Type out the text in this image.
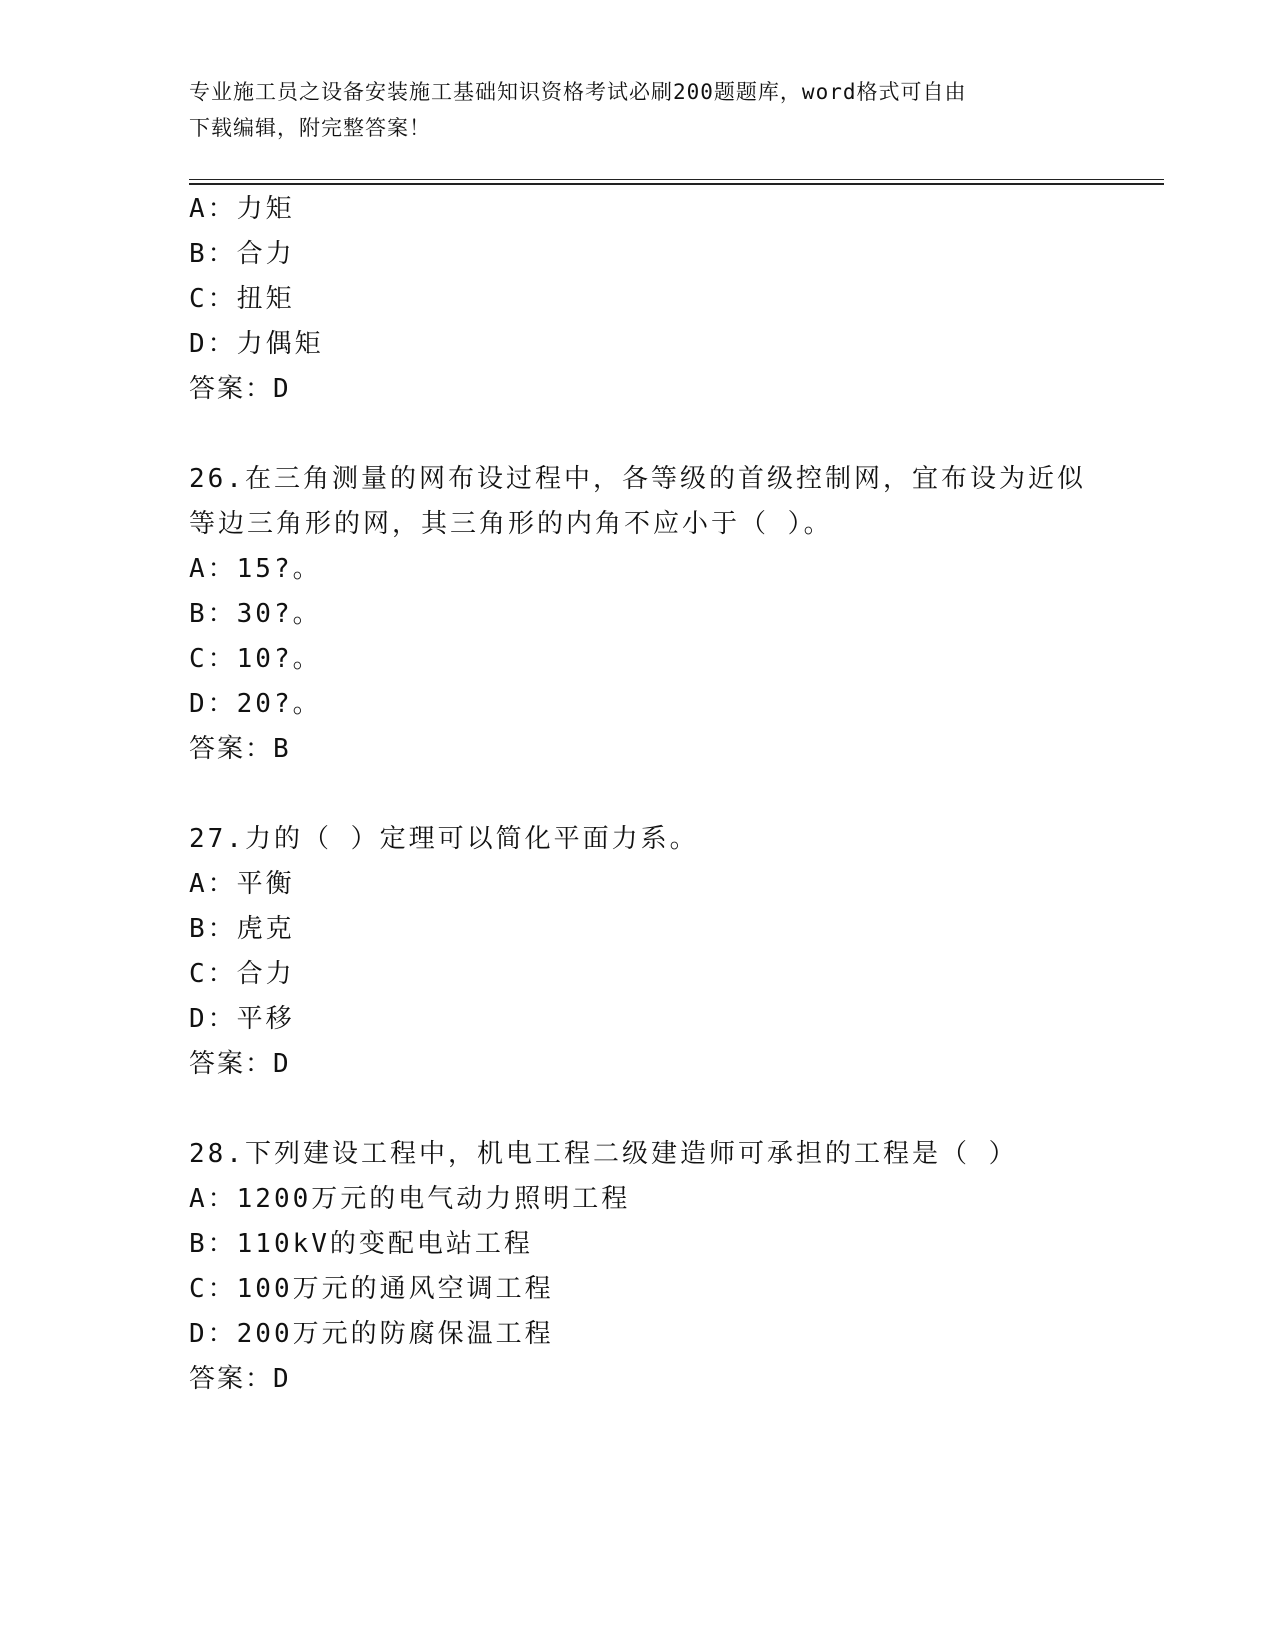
专业施工员之设备安装施工基础知识资格考试必刷200题题库，word格式可自由
下载编辑，附完整答案！
A：力矩
B：合力
C：扭矩
D：力偶矩
答案：D
26.在三角测量的网布设过程中，各等级的首级控制网，宜布设为近似
等边三角形的网，其三角形的内角不应小于（ ）。
A：15?。
B：30?。
C：10?。
D：20?。
答案：B
27.力的（ ）定理可以简化平面力系。
A：平衡
B：虎克
C：合力
D：平移
答案：D
28.下列建设工程中，机电工程二级建造师可承担的工程是（ ）
A：1200万元的电气动力照明工程
B：110kV的变配电站工程
C：100万元的通风空调工程
D：200万元的防腐保温工程
答案：D
